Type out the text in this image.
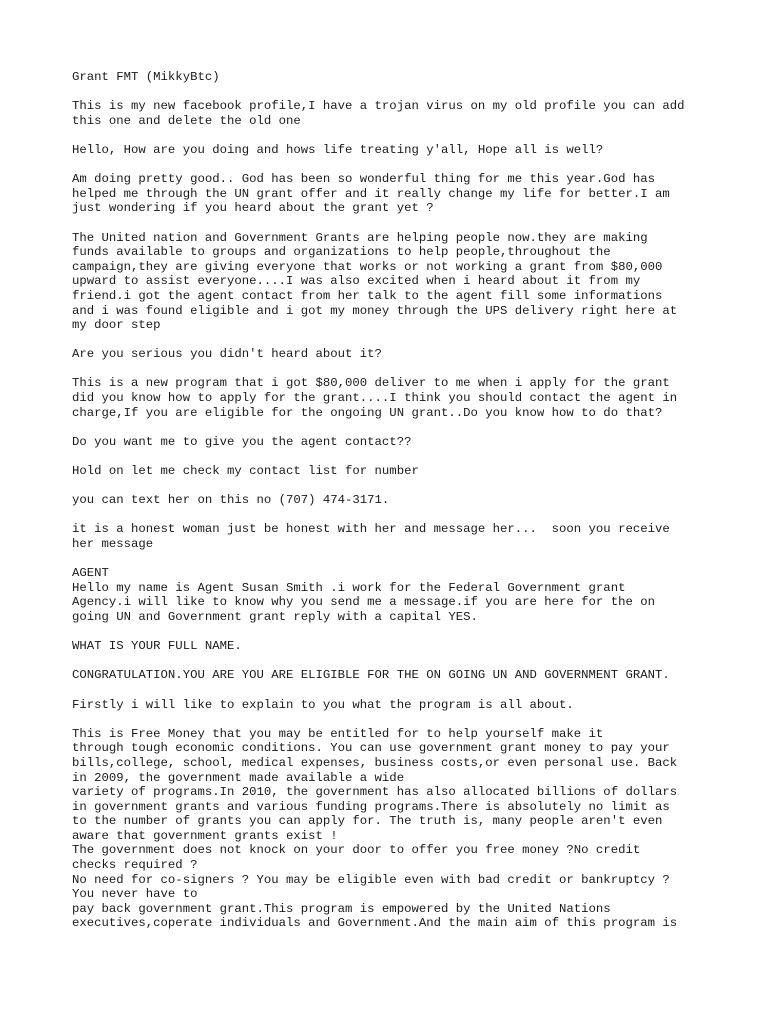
Grant FMT (MikkyBtc)
This is my new facebook profile,I have a trojan virus on my old profile you can add
this one and delete the old one
Hello, How are you doing and hows life treating y'all, Hope all is well?
Am doing pretty good.. God has been so wonderful thing for me this year.God has
helped me through the UN grant offer and it really change my life for better.I am
just wondering if you heard about the grant yet ?
The United nation and Government Grants are helping people now.they are making
funds available to groups and organizations to help people,throughout the
campaign,they are giving everyone that works or not working a grant from $80,000
upward to assist everyone....I was also excited when i heard about it from my
friend.i got the agent contact from her talk to the agent fill some informations
and i was found eligible and i got my money through the UPS delivery right here at
my door step
Are you serious you didn't heard about it?
This is a new program that i got $80,000 deliver to me when i apply for the grant
did you know how to apply for the grant....I think you should contact the agent in
charge,If you are eligible for the ongoing UN grant..Do you know how to do that?
Do you want me to give you the agent contact??
Hold on let me check my contact list for number
you can text her on this no (707) 474-3171.
it is a honest woman just be honest with her and message her...  soon you receive
her message
AGENT
Hello my name is Agent Susan Smith .i work for the Federal Government grant
Agency.i will like to know why you send me a message.if you are here for the on
going UN and Government grant reply with a capital YES.
WHAT IS YOUR FULL NAME.
CONGRATULATION.YOU ARE YOU ARE ELIGIBLE FOR THE ON GOING UN AND GOVERNMENT GRANT.
Firstly i will like to explain to you what the program is all about.
This is Free Money that you may be entitled for to help yourself make it
through tough economic conditions. You can use government grant money to pay your
bills,college, school, medical expenses, business costs,or even personal use. Back
in 2009, the government made available a wide
variety of programs.In 2010, the government has also allocated billions of dollars
in government grants and various funding programs.There is absolutely no limit as
to the number of grants you can apply for. The truth is, many people aren't even
aware that government grants exist !
The government does not knock on your door to offer you free money ?No credit
checks required ?
No need for co-signers ? You may be eligible even with bad credit or bankruptcy ?
You never have to
pay back government grant.This program is empowered by the United Nations
executives,coperate individuals and Government.And the main aim of this program is
